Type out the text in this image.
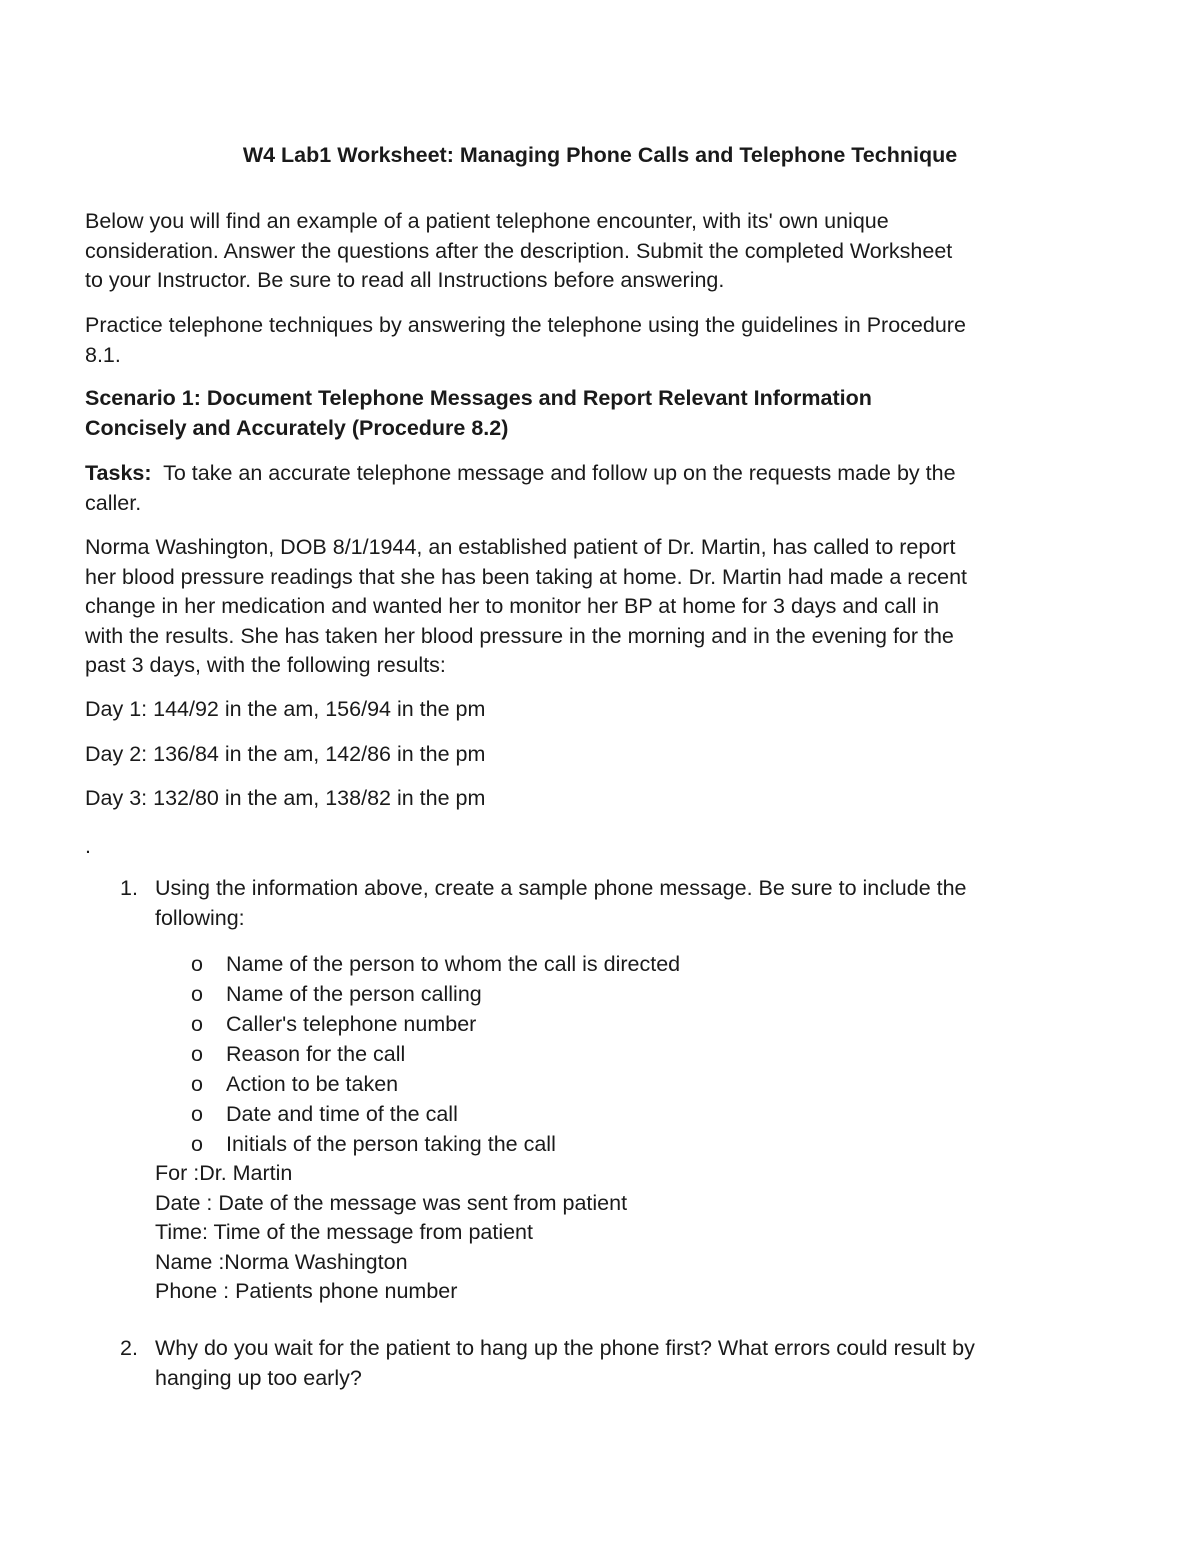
W4 Lab1 Worksheet: Managing Phone Calls and Telephone Technique
Below you will find an example of a patient telephone encounter, with its' own unique
consideration. Answer the questions after the description. Submit the completed Worksheet
to your Instructor. Be sure to read all Instructions before answering.
Practice telephone techniques by answering the telephone using the guidelines in Procedure
8.1.
Scenario 1: Document Telephone Messages and Report Relevant Information
Concisely and Accurately (Procedure 8.2)
Tasks:  To take an accurate telephone message and follow up on the requests made by the
caller.
Norma Washington, DOB 8/1/1944, an established patient of Dr. Martin, has called to report
her blood pressure readings that she has been taking at home. Dr. Martin had made a recent
change in her medication and wanted her to monitor her BP at home for 3 days and call in
with the results. She has taken her blood pressure in the morning and in the evening for the
past 3 days, with the following results:
Day 1: 144/92 in the am, 156/94 in the pm
Day 2: 136/84 in the am, 142/86 in the pm
Day 3: 132/80 in the am, 138/82 in the pm
.
1. Using the information above, create a sample phone message. Be sure to include the
following:
o Name of the person to whom the call is directed
o Name of the person calling
o Caller's telephone number
o Reason for the call
o Action to be taken
o Date and time of the call
o Initials of the person taking the call
For :Dr. Martin
Date : Date of the message was sent from patient
Time: Time of the message from patient
Name :Norma Washington
Phone : Patients phone number
2. Why do you wait for the patient to hang up the phone first? What errors could result by
hanging up too early?
